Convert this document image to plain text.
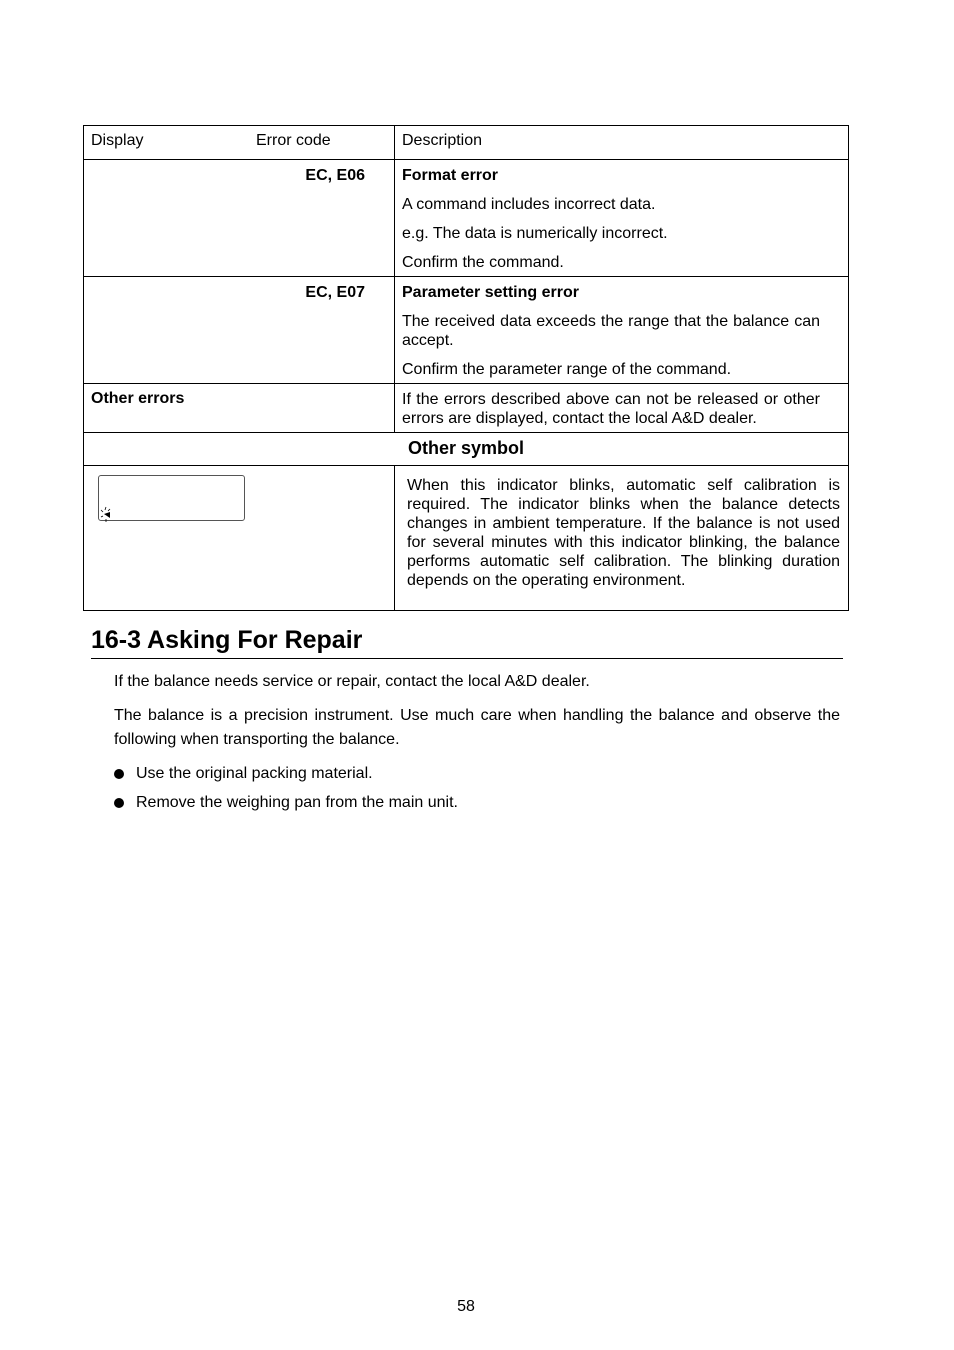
Display Error code	Description

EC, E06	Format error

A command includes incorrect data.

e.g. The data is numerically incorrect.

Confirm the command.

EC, E07	Parameter setting error

The received data exceeds the range that the balance can accept.

Confirm the parameter range of the command.

Other errors	If the errors described above can not be released or other errors are displayed, contact the local A&D dealer.

Other symbol	

When this indicator blinks, automatic self calibration is required. The indicator blinks when the balance detects changes in ambient temperature. If the balance is not used for several minutes with this indicator blinking, the balance performs automatic self calibration. The blinking duration depends on the operating environment.

16-3 Asking For Repair
If the balance needs service or repair, contact the local A&D dealer.
The balance is a precision instrument. Use much care when handling the balance and observe the following when transporting the balance.
Use the original packing material.
Remove the weighing pan from the main unit.
58
